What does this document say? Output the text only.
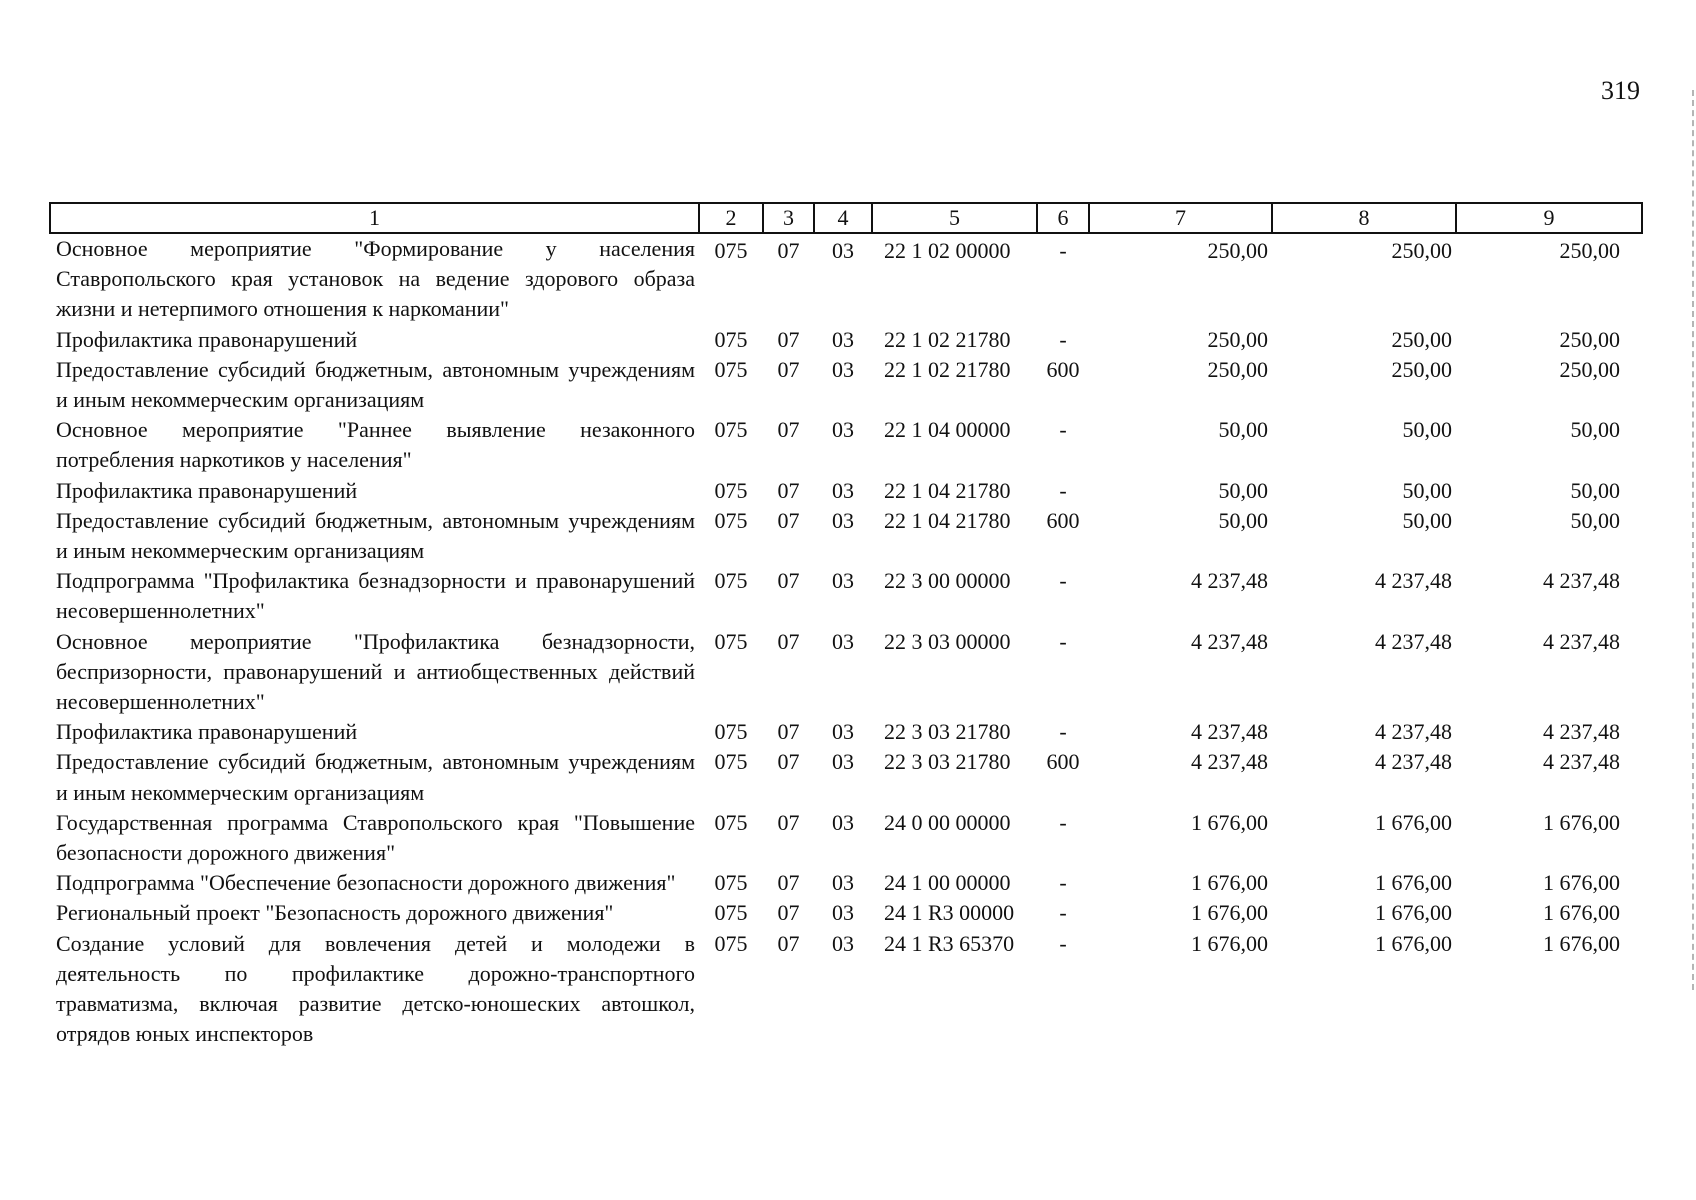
319
1	2	3	4	5	6	7	8	9
Основное мероприятие "Формирование у населения Ставропольского края установок на ведение здорового образа жизни и нетерпимого отношения к наркомании"	075	07	03	22 1 02 00000	-	250,00	250,00	250,00
Профилактика правонарушений	075	07	03	22 1 02 21780	-	250,00	250,00	250,00
Предоставление субсидий бюджетным, автономным учреждениям и иным некоммерческим организациям	075	07	03	22 1 02 21780	600	250,00	250,00	250,00
Основное мероприятие "Раннее выявление незаконного потребления наркотиков у населения"	075	07	03	22 1 04 00000	-	50,00	50,00	50,00
Профилактика правонарушений	075	07	03	22 1 04 21780	-	50,00	50,00	50,00
Предоставление субсидий бюджетным, автономным учреждениям и иным некоммерческим организациям	075	07	03	22 1 04 21780	600	50,00	50,00	50,00
Подпрограмма "Профилактика безнадзорности и правонарушений несовершеннолетних"	075	07	03	22 3 00 00000	-	4 237,48	4 237,48	4 237,48
Основное мероприятие "Профилактика безнадзорности, беспризорности, правонарушений и антиобщественных действий несовершеннолетних"	075	07	03	22 3 03 00000	-	4 237,48	4 237,48	4 237,48
Профилактика правонарушений	075	07	03	22 3 03 21780	-	4 237,48	4 237,48	4 237,48
Предоставление субсидий бюджетным, автономным учреждениям и иным некоммерческим организациям	075	07	03	22 3 03 21780	600	4 237,48	4 237,48	4 237,48
Государственная программа Ставропольского края "Повышение безопасности дорожного движения"	075	07	03	24 0 00 00000	-	1 676,00	1 676,00	1 676,00
Подпрограмма "Обеспечение безопасности дорожного движения"	075	07	03	24 1 00 00000	-	1 676,00	1 676,00	1 676,00
Региональный проект "Безопасность дорожного движения"	075	07	03	24 1 R3 00000	-	1 676,00	1 676,00	1 676,00
Создание условий для вовлечения детей и молодежи в деятельность по профилактике дорожно-транспортного травматизма, включая развитие детско-юношеских автошкол, отрядов юных инспекторов	075	07	03	24 1 R3 65370	-	1 676,00	1 676,00	1 676,00
